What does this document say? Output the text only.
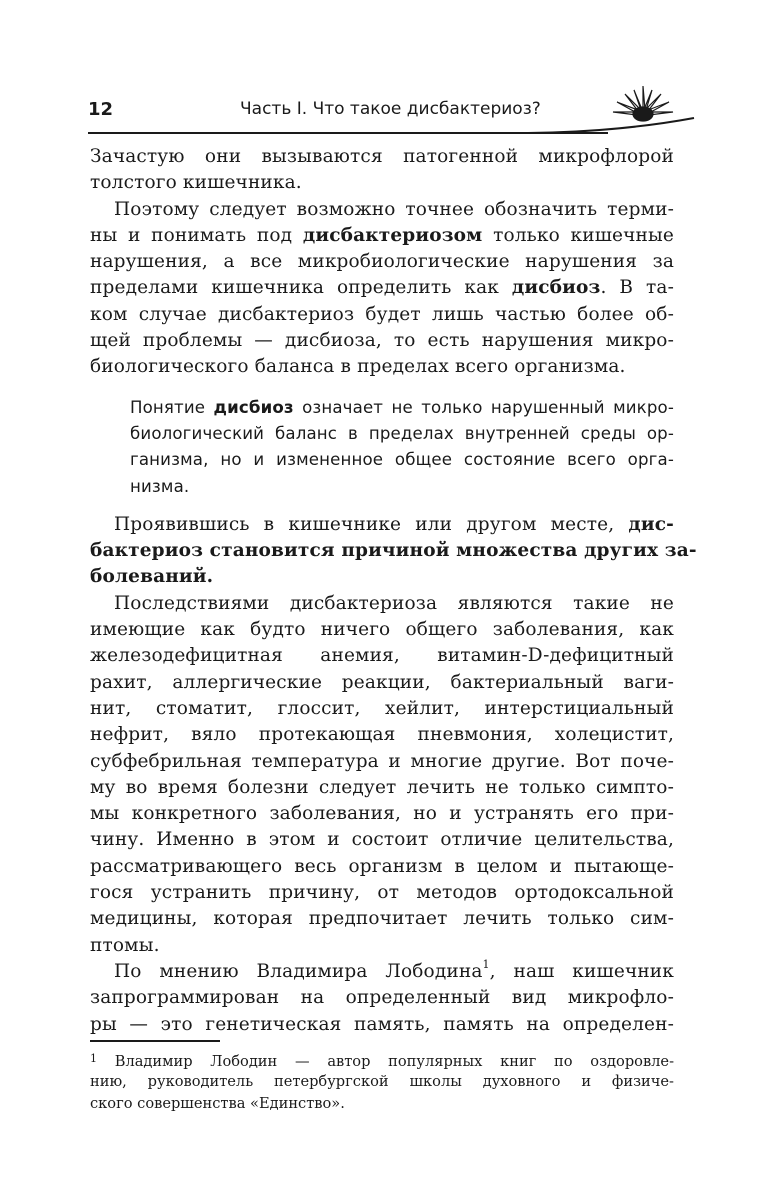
12	Часть I. Что такое дисбактериоз?
Зачастую они вызываются патогенной микрофлорой
толстого кишечника.
Поэтому следует возможно точнее обозначить терми-
ны и понимать под дисбактериозом только кишечные
нарушения, а все микробиологические нарушения за
пределами кишечника определить как дисбиоз. В та-
ком случае дисбактериоз будет лишь частью более об-
щей проблемы — дисбиоза, то есть нарушения микро-
биологического баланса в пределах всего организма.
Понятие дисбиоз означает не только нарушенный микро-
биологический баланс в пределах внутренней среды ор-
ганизма, но и измененное общее состояние всего орга-
низма.
Проявившись в кишечнике или другом месте, дис-
бактериоз становится причиной множества других за-
болеваний.
Последствиями дисбактериоза являются такие не
имеющие как будто ничего общего заболевания, как
железодефицитная анемия, витамин-D-дефицитный
рахит, аллергические реакции, бактериальный ваги-
нит, стоматит, глоссит, хейлит, интерстициальный
нефрит, вяло протекающая пневмония, холецистит,
субфебрильная температура и многие другие. Вот поче-
му во время болезни следует лечить не только симпто-
мы конкретного заболевания, но и устранять его при-
чину. Именно в этом и состоит отличие целительства,
рассматривающего весь организм в целом и пытающе-
гося устранить причину, от методов ортодоксальной
медицины, которая предпочитает лечить только сим-
птомы.
По мнению Владимира Лободина$^1$, наш кишечник
запрограммирован на определенный вид микрофло-
ры — это генетическая память, память на определен-
$^1$ Владимир Лободин — автор популярных книг по оздоровле-
нию, руководитель петербургской школы духовного и физиче-
ского совершенства «Единство».
